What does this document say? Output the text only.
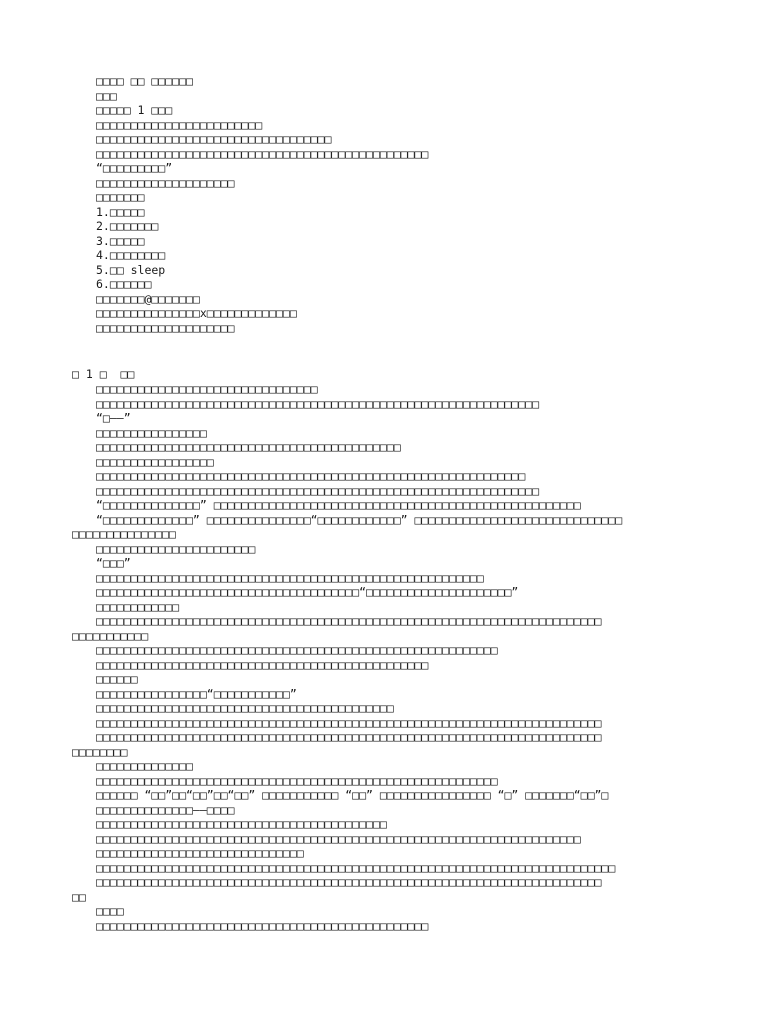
□□□□ □□ □□□□□□
□□□
□□□□□ 1 □□□
□□□□□□□□□□□□□□□□□□□□□□□□
□□□□□□□□□□□□□□□□□□□□□□□□□□□□□□□□□□
□□□□□□□□□□□□□□□□□□□□□□□□□□□□□□□□□□□□□□□□□□□□□□□□
“□□□□□□□□□”
□□□□□□□□□□□□□□□□□□□□
□□□□□□□
1.□□□□□
2.□□□□□□□
3.□□□□□
4.□□□□□□□□
5.□□ sleep
6.□□□□□□
□□□□□□□@□□□□□□□
□□□□□□□□□□□□□□□x□□□□□□□□□□□□□
□□□□□□□□□□□□□□□□□□□□
□ 1 □  □□
□□□□□□□□□□□□□□□□□□□□□□□□□□□□□□□□
□□□□□□□□□□□□□□□□□□□□□□□□□□□□□□□□□□□□□□□□□□□□□□□□□□□□□□□□□□□□□□□□
“□——”
□□□□□□□□□□□□□□□□
□□□□□□□□□□□□□□□□□□□□□□□□□□□□□□□□□□□□□□□□□□□□
□□□□□□□□□□□□□□□□□
□□□□□□□□□□□□□□□□□□□□□□□□□□□□□□□□□□□□□□□□□□□□□□□□□□□□□□□□□□□□□□
□□□□□□□□□□□□□□□□□□□□□□□□□□□□□□□□□□□□□□□□□□□□□□□□□□□□□□□□□□□□□□□□
“□□□□□□□□□□□□□□” □□□□□□□□□□□□□□□□□□□□□□□□□□□□□□□□□□□□□□□□□□□□□□□□□□□□□
“□□□□□□□□□□□□□” □□□□□□□□□□□□□□□“□□□□□□□□□□□□” □□□□□□□□□□□□□□□□□□□□□□□□□□□□□□
□□□□□□□□□□□□□□□
□□□□□□□□□□□□□□□□□□□□□□□
“□□□”
□□□□□□□□□□□□□□□□□□□□□□□□□□□□□□□□□□□□□□□□□□□□□□□□□□□□□□□□
□□□□□□□□□□□□□□□□□□□□□□□□□□□□□□□□□□□□□□“□□□□□□□□□□□□□□□□□□□□□”
□□□□□□□□□□□□
□□□□□□□□□□□□□□□□□□□□□□□□□□□□□□□□□□□□□□□□□□□□□□□□□□□□□□□□□□□□□□□□□□□□□□□□□
□□□□□□□□□□□
□□□□□□□□□□□□□□□□□□□□□□□□□□□□□□□□□□□□□□□□□□□□□□□□□□□□□□□□□□
□□□□□□□□□□□□□□□□□□□□□□□□□□□□□□□□□□□□□□□□□□□□□□□□
□□□□□□
□□□□□□□□□□□□□□□□“□□□□□□□□□□□”
□□□□□□□□□□□□□□□□□□□□□□□□□□□□□□□□□□□□□□□□□□□
□□□□□□□□□□□□□□□□□□□□□□□□□□□□□□□□□□□□□□□□□□□□□□□□□□□□□□□□□□□□□□□□□□□□□□□□□
□□□□□□□□□□□□□□□□□□□□□□□□□□□□□□□□□□□□□□□□□□□□□□□□□□□□□□□□□□□□□□□□□□□□□□□□□
□□□□□□□□
□□□□□□□□□□□□□□
□□□□□□□□□□□□□□□□□□□□□□□□□□□□□□□□□□□□□□□□□□□□□□□□□□□□□□□□□□
□□□□□□ “□□”□□“□□”□□“□□” □□□□□□□□□□□ “□□” □□□□□□□□□□□□□□□□ “□” □□□□□□□“□□”□
□□□□□□□□□□□□□□——□□□□
□□□□□□□□□□□□□□□□□□□□□□□□□□□□□□□□□□□□□□□□□□
□□□□□□□□□□□□□□□□□□□□□□□□□□□□□□□□□□□□□□□□□□□□□□□□□□□□□□□□□□□□□□□□□□□□□□
□□□□□□□□□□□□□□□□□□□□□□□□□□□□□□
□□□□□□□□□□□□□□□□□□□□□□□□□□□□□□□□□□□□□□□□□□□□□□□□□□□□□□□□□□□□□□□□□□□□□□□□□□□
□□□□□□□□□□□□□□□□□□□□□□□□□□□□□□□□□□□□□□□□□□□□□□□□□□□□□□□□□□□□□□□□□□□□□□□□□
□□
□□□□
□□□□□□□□□□□□□□□□□□□□□□□□□□□□□□□□□□□□□□□□□□□□□□□□
